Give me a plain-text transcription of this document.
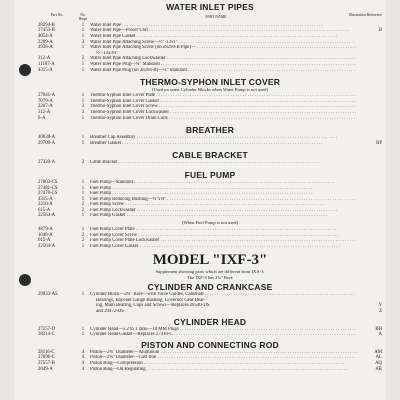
WATER INLET PIPES

Part No.	No. Reqd
PART NAME	Illustration Reference
28294-B	1	Water Inlet Pipe . . .
27453-B	1	Water Inlet Pipe—Power Unit . . .	H
4054-A	1	Water Inlet Pipe Gasket . . .
2209-A	3	Water Inlet Pipe Attaching Screw—½"-13x1" . . .
4938-A	1	Water Inlet Pipe Attaching Screw (on 28294-B Pipe)— . . .
½"-13x3¼"
312-A	2	Water Inlet Pipe Attaching Lockwasher . . .
11187-A	1	Water Inlet Pipe Plug—¼" Standard . . .
4315-A	1	Water Inlet Pipe Plug (on 28294-B)—¼" Standard . . .

THERMO-SYPHON INLET COVER

(Used on some Cylinder Blocks when Water Pump is not used)

27041-A	1	Thermo-Syphon Inlet Cover Plate . . .
7079-A	1	Thermo-Syphon Inlet Cover Gasket . . .
2207-A	3	Thermo-Syphon Inlet Cover Screw . . .
312-A	3	Thermo-Syphon Inlet Cover Lockwasher . . .
6-A	1	Thermo-Syphon Inlet Cover Drain Cock . . .

BREATHER

40038-A	1	Breather Cap Assembly . . .
29709-A	1	Breather Gasket . . .	RP

CABLE BRACKET

27320-A	2	Cable Bracket . . .

FUEL PUMP

27803-CS	1	Fuel Pump—Standard . . .
27481-CS	1	Fuel Pump . . .
27478-CS	1	Fuel Pump . . .
4315-A	1	Fuel Pump Reducing Bushing—¼"x⅛" . . .
2210-A	2	Fuel Pump Screw . . .
615-A	2	Fuel Pump Lockwasher . . .
22564-A	1	Fuel Pump Gasket . . .

(When Fuel Pump is not used)

4879-A	1	Fuel Pump Cover Plate . . .
1048-A	2	Fuel Pump Cover Screw . . .
615-A	2	Fuel Pump Cover Plate Lockwasher . . .
22564-A	1	Fuel Pump Cover Gasket . . .

MODEL "IXF-3"

Supplement showing parts which are different from IXA-3.

The IXF-3 has 2¾" Bore

CYLINDER AND CRANKCASE

29833-AS	1	Cylinder Block—2¾" Bore—with Valve Guides, Camshaft . . .
Bearings, Bayonet Gauge Bushing, Governor Gear Bear-
ing, Main Bearing, Cups and Screws—Replaces 28540-DS	Y
and 29472-DS	Z

CYLINDER HEAD

27257-D	1	Cylinder Head—5.2 to 1 ratio—18 MM Plugs . . .	BH
28214-C	1	Cylinder Head Gasket—Replaces 27310-C . . .	A

PISTON AND CONNECTING ROD

28116-C	4	Piston—2¾" Diameter—Aluminum . . .	AM
27096-C	4	Piston—2¾" Diameter—Cast Iron . . .	AL
27557-B	4	Piston Ring—Compression . . .	AQ
2049-A	4	Piston Ring—Oil Regulating . . .	AR
